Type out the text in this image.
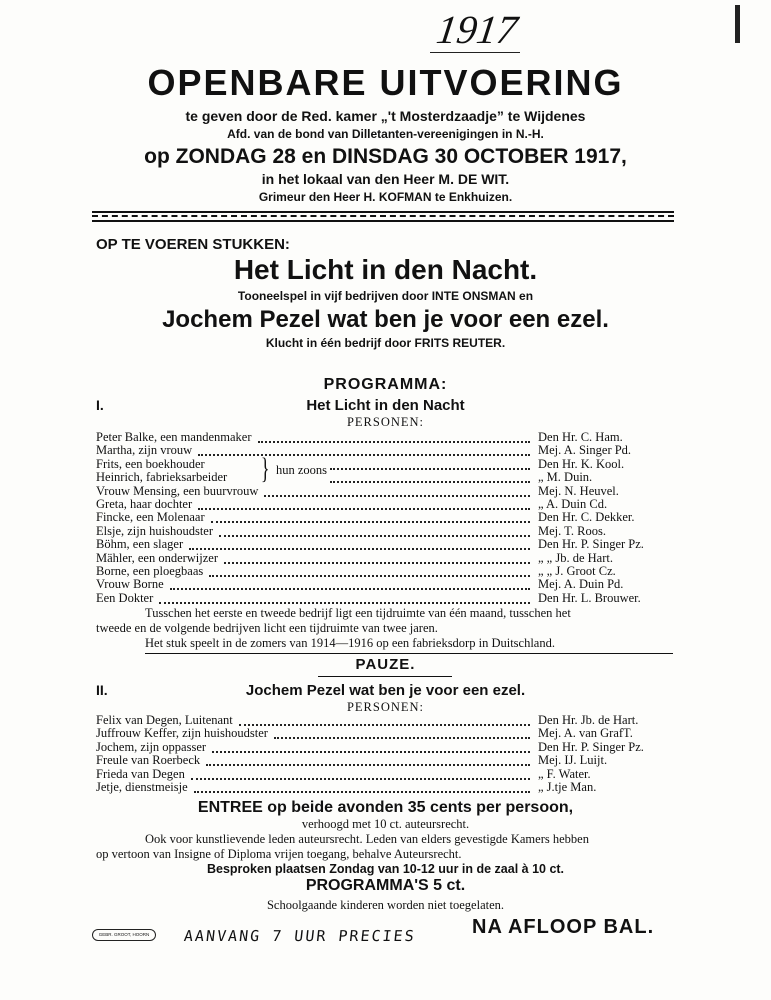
1917
OPENBARE UITVOERING
te geven door de Red. kamer „'t Mosterdzaadje” te Wijdenes
Afd. van de bond van Dilletanten-vereenigingen in N.-H.
op ZONDAG 28 en DINSDAG 30 OCTOBER 1917,
in het lokaal van den Heer M. DE WIT.
Grimeur den Heer H. KOFMAN te Enkhuizen.
OP TE VOEREN STUKKEN:
Het Licht in den Nacht.
Tooneelspel in vijf bedrijven door INTE ONSMAN en
Jochem Pezel wat ben je voor een ezel.
Klucht in één bedrijf door FRITS REUTER.
PROGRAMMA:
I.	Het Licht in den Nacht
PERSONEN:
Peter Balke, een mandenmaker	Den Hr. C. Ham.
Martha, zijn vrouw	Mej. A. Singer Pd.
Frits, een boekhouder	Den Hr. K. Kool.
Heinrich, fabrieksarbeider	„ M. Duin.
Vrouw Mensing, een buurvrouw	Mej. N. Heuvel.
Greta, haar dochter	„ A. Duin Cd.
Fincke, een Molenaar	Den Hr. C. Dekker.
Elsje, zijn huishoudster	Mej. T. Roos.
Böhm, een slager	Den Hr. P. Singer Pz.
Mähler, een onderwijzer	„ „ Jb. de Hart.
Borne, een ploegbaas	„ „ J. Groot Cz.
Vrouw Borne	Mej. A. Duin Pd.
Een Dokter	Den Hr. L. Brouwer.
} hun zoons
Tusschen het eerste en tweede bedrijf ligt een tijdruimte van één maand, tusschen het
tweede en de volgende bedrijven licht een tijdruimte van twee jaren.
Het stuk speelt in de zomers van 1914—1916 op een fabrieksdorp in Duitschland.
PAUZE.
II.	Jochem Pezel wat ben je voor een ezel.
PERSONEN:
Felix van Degen, Luitenant	Den Hr. Jb. de Hart.
Juffrouw Keffer, zijn huishoudster	Mej. A. van GrafT.
Jochem, zijn oppasser	Den Hr. P. Singer Pz.
Freule van Roerbeck	Mej. IJ. Luijt.
Frieda van Degen	„ F. Water.
Jetje, dienstmeisje	„ J.tje Man.
ENTREE op beide avonden 35 cents per persoon,
verhoogd met 10 ct. auteursrecht.
Ook voor kunstlievende leden auteursrecht. Leden van elders gevestigde Kamers hebben
op vertoon van Insigne of Diploma vrijen toegang, behalve Auteursrecht.
Besproken plaatsen Zondag van 10-12 uur in de zaal à 10 ct.
PROGRAMMA'S 5 ct.
Schoolgaande kinderen worden niet toegelaten.
GEBR. GROOT, HOORN	AANVANG 7 UUR PRECIES	NA AFLOOP BAL.
